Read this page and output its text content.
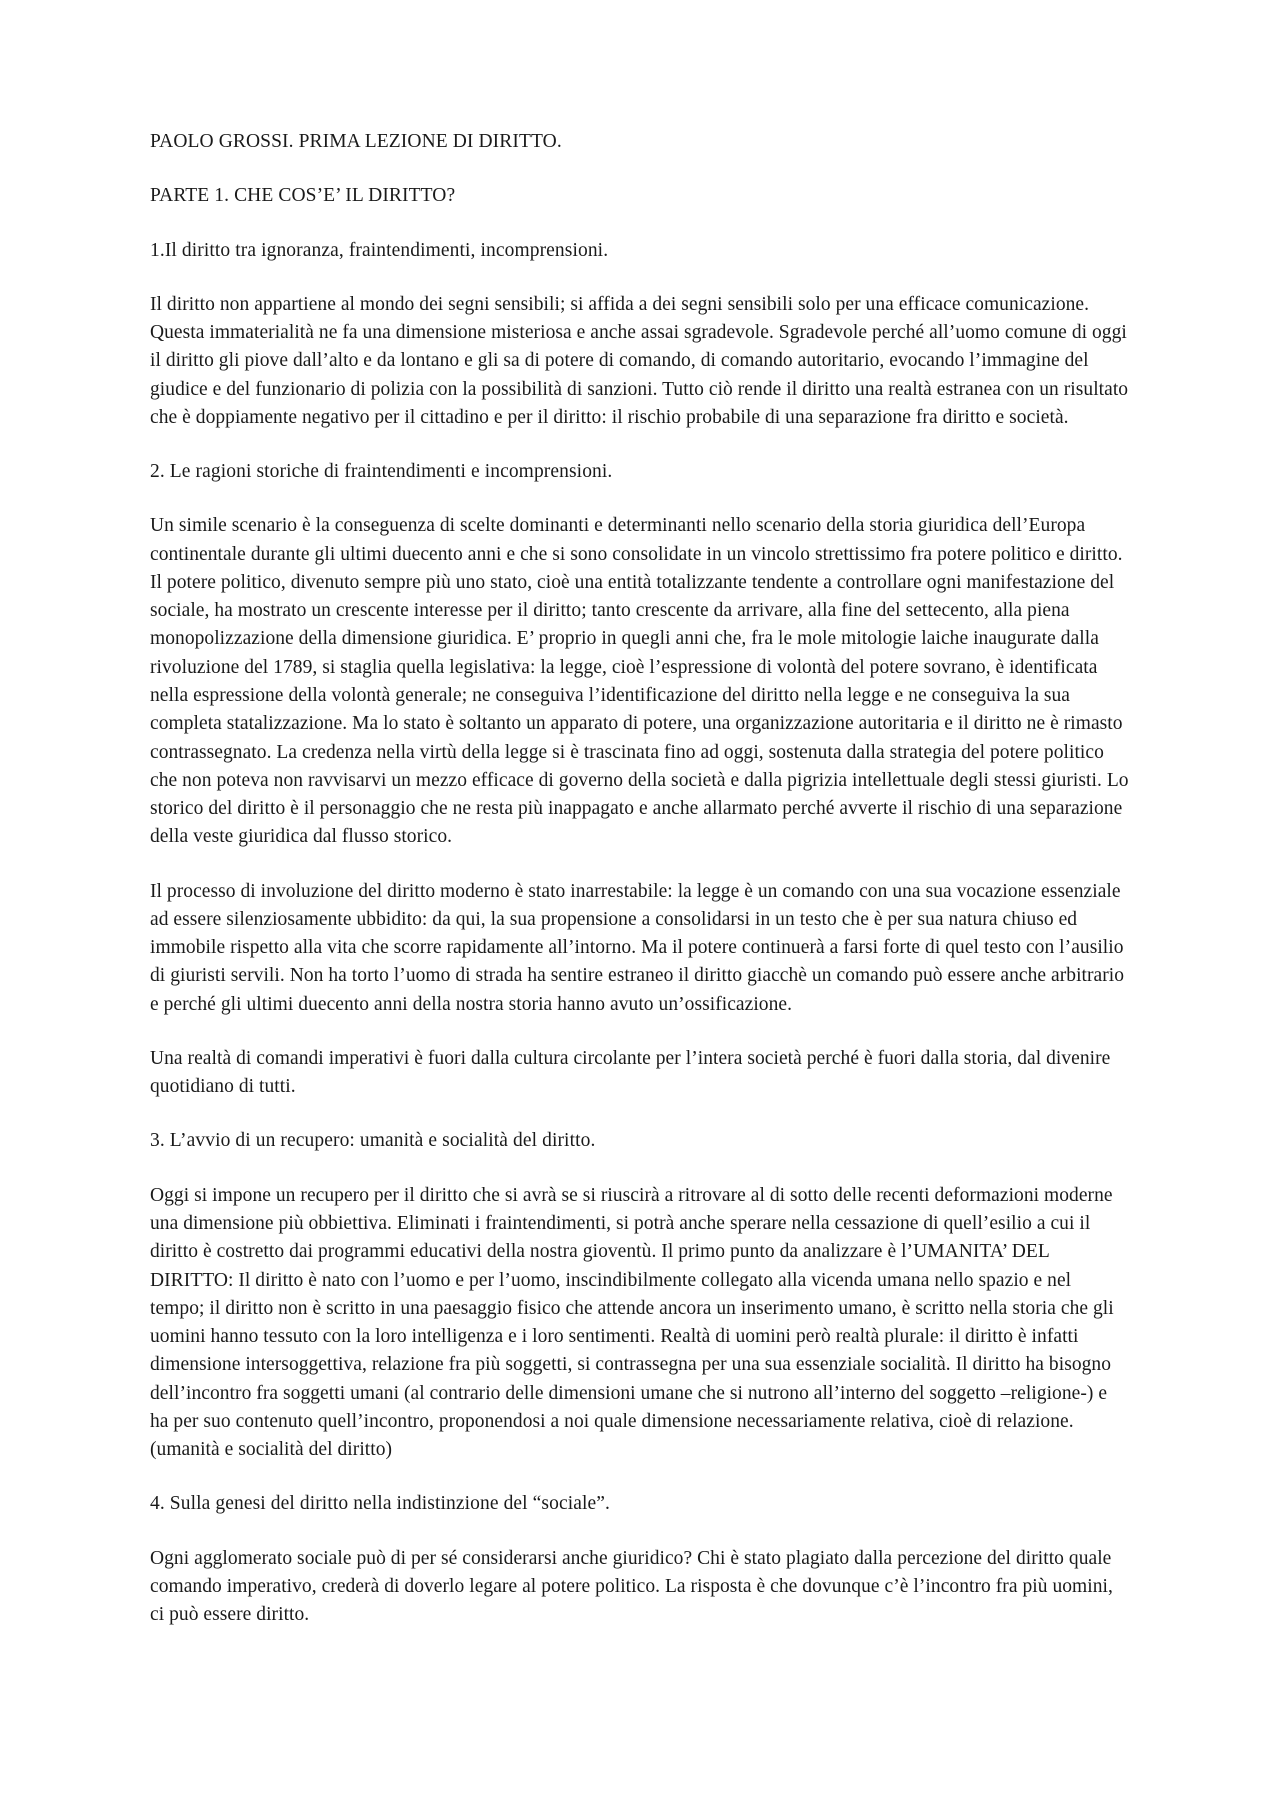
PAOLO GROSSI. PRIMA LEZIONE DI DIRITTO.
PARTE 1. CHE COS’E’ IL DIRITTO?
1.Il diritto tra ignoranza, fraintendimenti, incomprensioni.

Il diritto non appartiene al mondo dei segni sensibili; si affida a dei segni sensibili solo per una efficace comunicazione. Questa immaterialità ne fa una dimensione misteriosa e anche assai sgradevole. Sgradevole perché all’uomo comune di oggi il diritto gli piove dall’alto e da lontano e gli sa di potere di comando, di comando autoritario, evocando l’immagine del giudice e del funzionario di polizia con la possibilità di sanzioni. Tutto ciò rende il diritto una realtà estranea con un risultato che è doppiamente negativo per il cittadino e per il diritto: il rischio probabile di una separazione fra diritto e società.

2. Le ragioni storiche di fraintendimenti e incomprensioni.

Un simile scenario è la conseguenza di scelte dominanti e determinanti nello scenario della storia giuridica dell’Europa continentale durante gli ultimi duecento anni e che si sono consolidate in un vincolo strettissimo fra potere politico e diritto. Il potere politico, divenuto sempre più uno stato, cioè una entità totalizzante tendente a controllare ogni manifestazione del sociale, ha mostrato un crescente interesse per il diritto; tanto crescente da arrivare, alla fine del settecento, alla piena monopolizzazione della dimensione giuridica. E’ proprio in quegli anni che, fra le mole mitologie laiche inaugurate dalla rivoluzione del 1789, si staglia quella legislativa: la legge, cioè l’espressione di volontà del potere sovrano, è identificata nella espressione della volontà generale; ne conseguiva l’identificazione del diritto nella legge e ne conseguiva la sua completa statalizzazione. Ma lo stato è soltanto un apparato di potere, una organizzazione autoritaria e il diritto ne è rimasto contrassegnato. La credenza nella virtù della legge si è trascinata fino ad oggi, sostenuta dalla strategia del potere politico che non poteva non ravvisarvi un mezzo efficace di governo della società e dalla pigrizia intellettuale degli stessi giuristi. Lo storico del diritto è il personaggio che ne resta più inappagato e anche allarmato perché avverte il rischio di una separazione della veste giuridica dal flusso storico.

Il processo di involuzione del diritto moderno è stato inarrestabile: la legge è un comando con una sua vocazione essenziale ad essere silenziosamente ubbidito: da qui, la sua propensione a consolidarsi in un testo che è per sua natura chiuso ed immobile rispetto alla vita che scorre rapidamente all’intorno. Ma il potere continuerà a farsi forte di quel testo con l’ausilio di giuristi servili. Non ha torto l’uomo di strada ha sentire estraneo il diritto giacchè un comando può essere anche arbitrario e perché gli ultimi duecento anni della nostra storia hanno avuto un’ossificazione.

Una realtà di comandi imperativi è fuori dalla cultura circolante per l’intera società perché è fuori dalla storia, dal divenire quotidiano di tutti.

3. L’avvio di un recupero: umanità e socialità del diritto.

Oggi si impone un recupero per il diritto che si avrà se si riuscirà a ritrovare al di sotto delle recenti deformazioni moderne una dimensione più obbiettiva. Eliminati i fraintendimenti, si potrà anche sperare nella cessazione di quell’esilio a cui il diritto è costretto dai programmi educativi della nostra gioventù. Il primo punto da analizzare è l’UMANITA’ DEL DIRITTO: Il diritto è nato con l’uomo e per l’uomo, inscindibilmente collegato alla vicenda umana nello spazio e nel tempo; il diritto non è scritto in una paesaggio fisico che attende ancora un inserimento umano, è scritto nella storia che gli uomini hanno tessuto con la loro intelligenza e i loro sentimenti. Realtà di uomini però realtà plurale: il diritto è infatti dimensione intersoggettiva, relazione fra più soggetti, si contrassegna per una sua essenziale socialità. Il diritto ha bisogno dell’incontro fra soggetti umani (al contrario delle dimensioni umane che si nutrono all’interno del soggetto –religione-) e ha per suo contenuto quell’incontro, proponendosi a noi quale dimensione necessariamente relativa, cioè di relazione. (umanità e socialità del diritto)

4. Sulla genesi del diritto nella indistinzione del “sociale”.

Ogni agglomerato sociale può di per sé considerarsi anche giuridico? Chi è stato plagiato dalla percezione del diritto quale comando imperativo, crederà di doverlo legare al potere politico. La risposta è che dovunque c’è l’incontro fra più uomini, ci può essere diritto.
